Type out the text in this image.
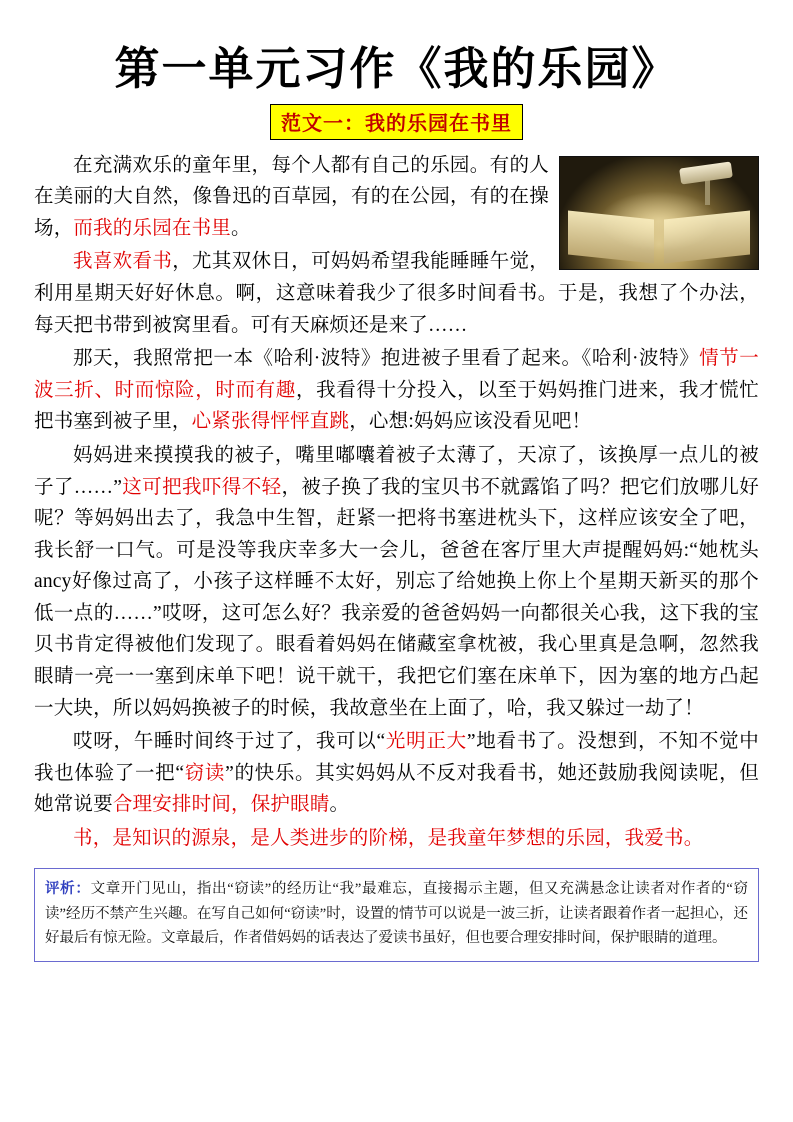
第一单元习作《我的乐园》
范文一：我的乐园在书里

在充满欢乐的童年里，每个人都有自己的乐园。有的人在美丽的大自然，像鲁迅的百草园，有的在公园，有的在操场，而我的乐园在书里。

我喜欢看书，尤其双休日，可妈妈希望我能睡睡午觉，利用星期天好好休息。啊，这意味着我少了很多时间看书。于是，我想了个办法，每天把书带到被窝里看。可有天麻烦还是来了……

那天，我照常把一本《哈利·波特》抱进被子里看了起来。《哈利·波特》情节一波三折、时而惊险，时而有趣，我看得十分投入，以至于妈妈推门进来，我才慌忙把书塞到被子里，心紧张得怦怦直跳，心想:妈妈应该没看见吧！

妈妈进来摸摸我的被子，嘴里嘟囔着被子太薄了，天凉了，该换厚一点儿的被子了……”这可把我吓得不轻，被子换了我的宝贝书不就露馅了吗？把它们放哪儿好呢？等妈妈出去了，我急中生智，赶紧一把将书塞进枕头下，这样应该安全了吧，我长舒一口气。可是没等我庆幸多大一会儿，爸爸在客厅里大声提醒妈妈:“她枕头ancy好像过高了，小孩子这样睡不太好，别忘了给她换上你上个星期天新买的那个低一点的……”哎呀，这可怎么好？我亲爱的爸爸妈妈一向都很关心我，这下我的宝贝书肯定得被他们发现了。眼看着妈妈在储藏室拿枕被，我心里真是急啊，忽然我眼睛一亮一一塞到床单下吧！说干就干，我把它们塞在床单下，因为塞的地方凸起一大块，所以妈妈换被子的时候，我故意坐在上面了，哈，我又躲过一劫了！

哎呀，午睡时间终于过了，我可以“光明正大”地看书了。没想到，不知不觉中我也体验了一把“窃读”的快乐。其实妈妈从不反对我看书，她还鼓励我阅读呢，但她常说要合理安排时间，保护眼睛。

书，是知识的源泉，是人类进步的阶梯，是我童年梦想的乐园，我爱书。

评析：文章开门见山，指出“窃读”的经历让“我”最难忘，直接揭示主题，但又充满悬念让读者对作者的“窃读”经历不禁产生兴趣。在写自己如何“窃读”时，设置的情节可以说是一波三折，让读者跟着作者一起担心，还好最后有惊无险。文章最后，作者借妈妈的话表达了爱读书虽好，但也要合理安排时间，保护眼睛的道理。
